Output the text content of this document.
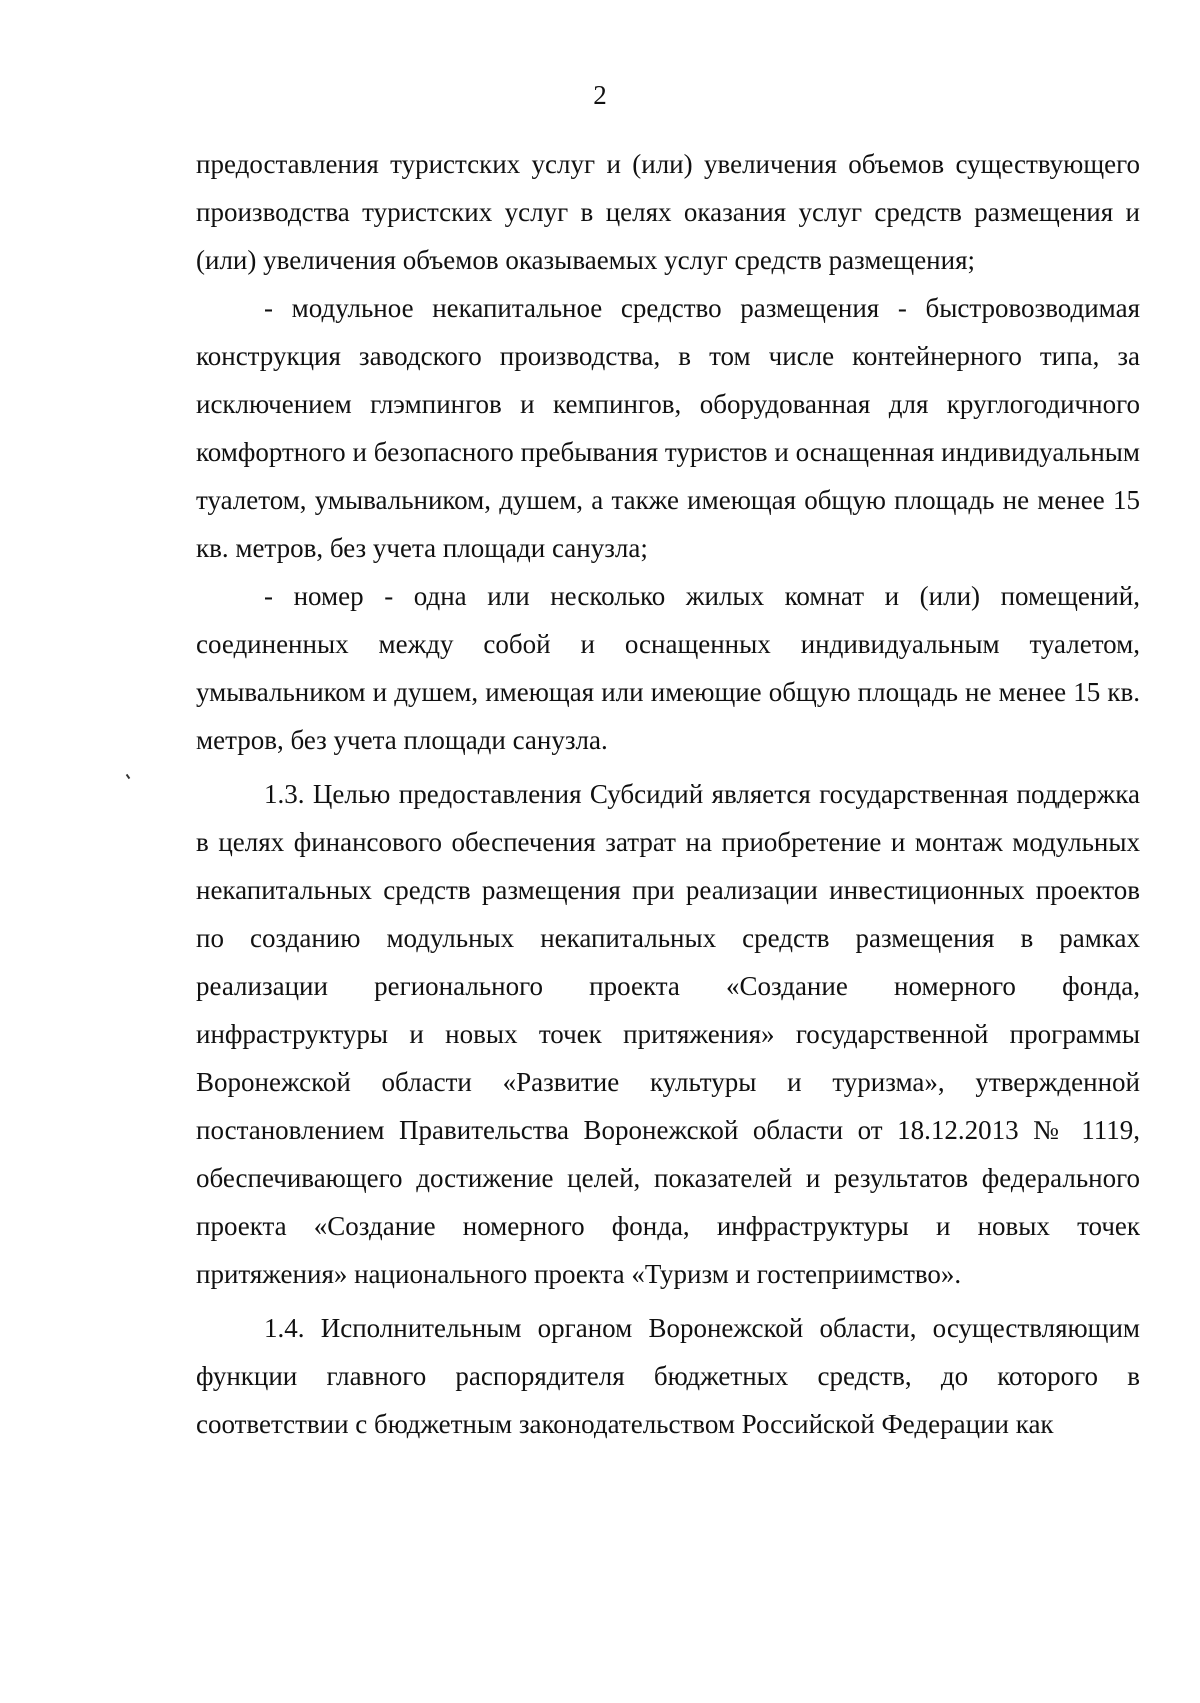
2

предоставления туристских услуг и (или) увеличения объемов существующего производства туристских услуг в целях оказания услуг средств размещения и (или) увеличения объемов оказываемых услуг средств размещения;

- модульное некапитальное средство размещения - быстровозводимая конструкция заводского производства, в том числе контейнерного типа, за исключением глэмпингов и кемпингов, оборудованная для круглогодичного комфортного и безопасного пребывания туристов и оснащенная индивидуальным туалетом, умывальником, душем, а также имеющая общую площадь не менее 15 кв. метров, без учета площади санузла;

- номер - одна или несколько жилых комнат и (или) помещений, соединенных между собой и оснащенных индивидуальным туалетом, умывальником и душем, имеющая или имеющие общую площадь не менее 15 кв. метров, без учета площади санузла.

1.3. Целью предоставления Субсидий является государственная поддержка в целях финансового обеспечения затрат на приобретение и монтаж модульных некапитальных средств размещения при реализации инвестиционных проектов по созданию модульных некапитальных средств размещения в рамках реализации регионального проекта «Создание номерного фонда, инфраструктуры и новых точек притяжения» государственной программы Воронежской области «Развитие культуры и туризма», утвержденной постановлением Правительства Воронежской области от 18.12.2013 № 1119, обеспечивающего достижение целей, показателей и результатов федерального проекта «Создание номерного фонда, инфраструктуры и новых точек притяжения» национального проекта «Туризм и гостеприимство».

1.4. Исполнительным органом Воронежской области, осуществляющим функции главного распорядителя бюджетных средств, до которого в соответствии с бюджетным законодательством Российской Федерации как
